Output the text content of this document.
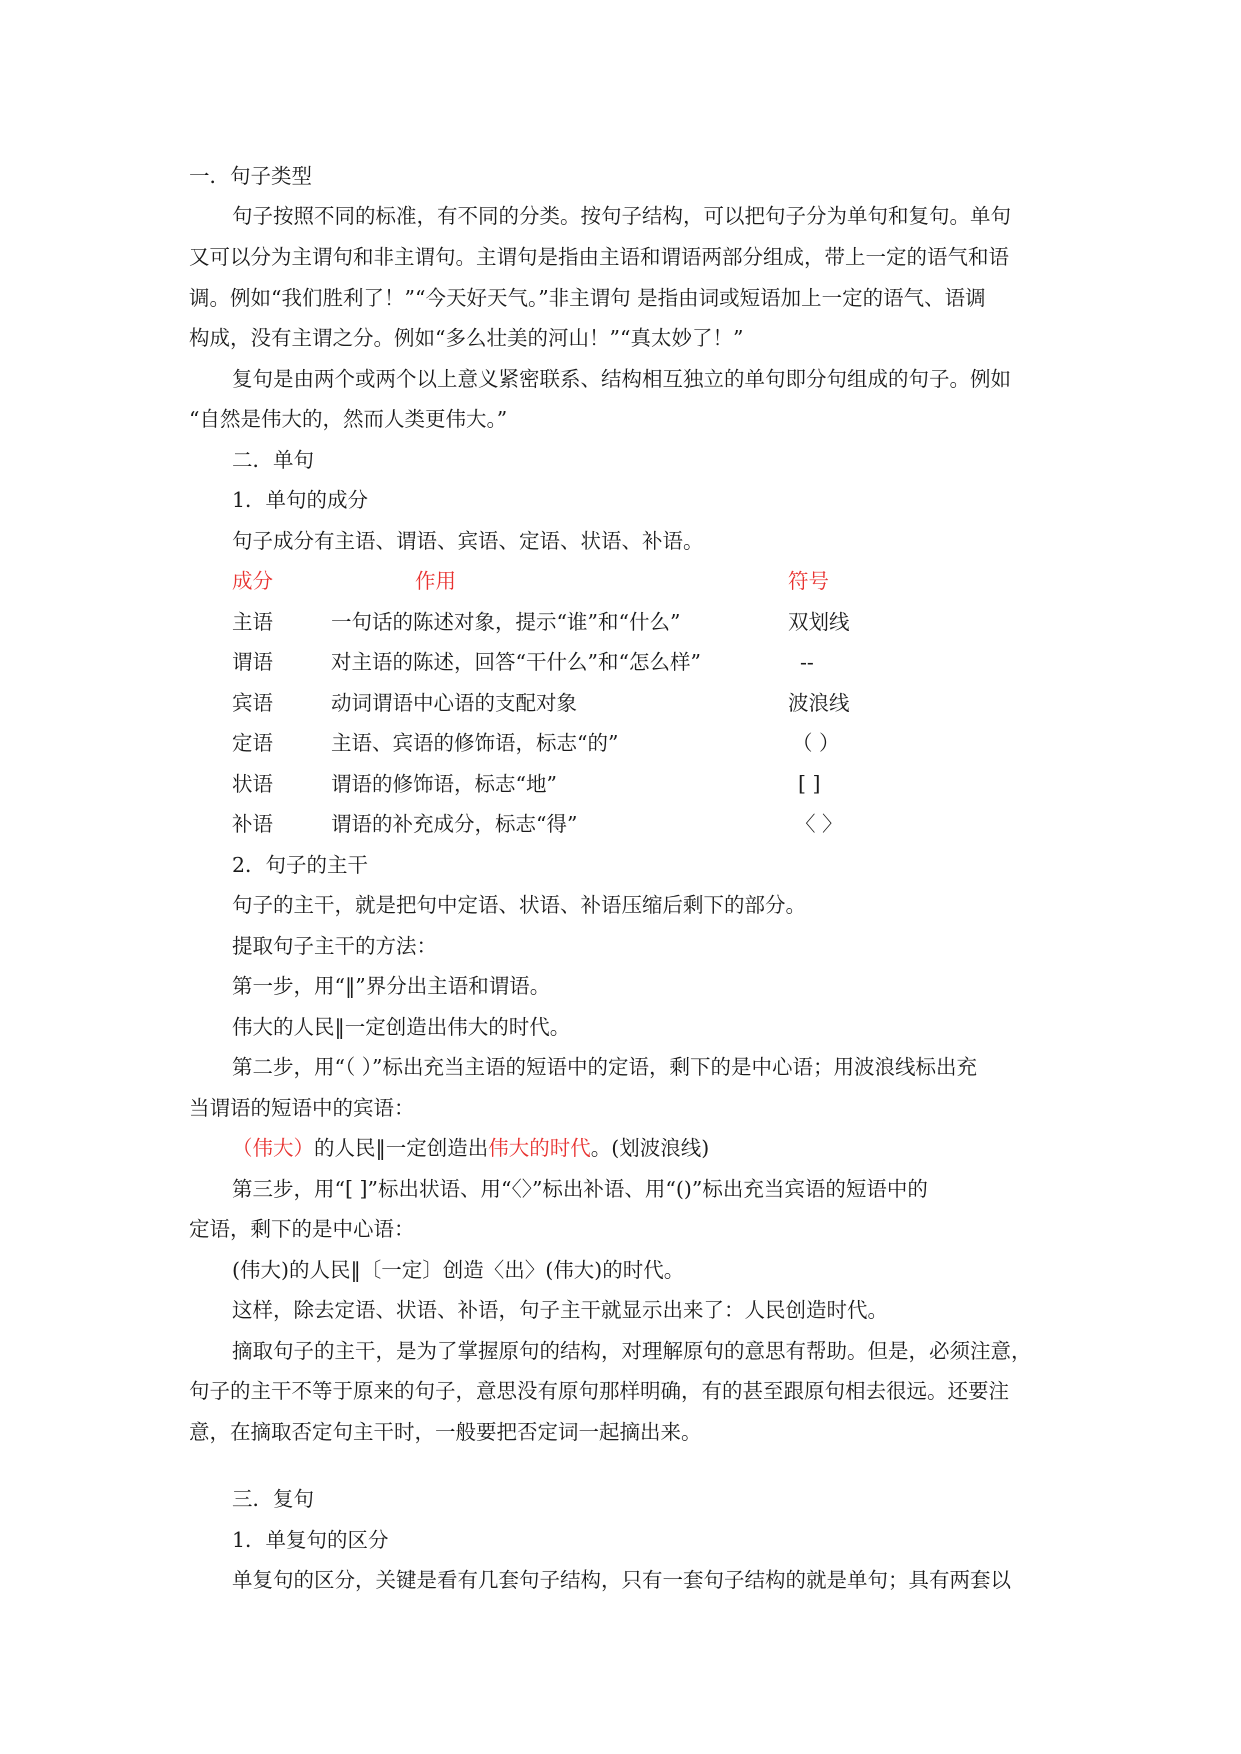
一．句子类型
句子按照不同的标准，有不同的分类。按句子结构，可以把句子分为单句和复句。单句
又可以分为主谓句和非主谓句。主谓句是指由主语和谓语两部分组成，带上一定的语气和语
调。例如“我们胜利了！”“今天好天气。”非主谓句 是指由词或短语加上一定的语气、语调
构成，没有主谓之分。例如“多么壮美的河山！”“真太妙了！”
复句是由两个或两个以上意义紧密联系、结构相互独立的单句即分句组成的句子。例如
“自然是伟大的，然而人类更伟大。”
二．单句
1．单句的成分
句子成分有主语、谓语、宾语、定语、状语、补语。
成分	作用	符号
主语	一句话的陈述对象，提示“谁”和“什么”	双划线
谓语	对主语的陈述，回答“干什么”和“怎么样”	--
宾语	动词谓语中心语的支配对象	波浪线
定语	主语、宾语的修饰语，标志“的”	（ ）
状语	谓语的修饰语，标志“地”	[ ]
补语	谓语的补充成分，标志“得”	〈 〉
2．句子的主干
句子的主干，就是把句中定语、状语、补语压缩后剩下的部分。
提取句子主干的方法：
第一步，用“‖”界分出主语和谓语。
伟大的人民‖一定创造出伟大的时代。
第二步，用“（ ）”标出充当主语的短语中的定语，剩下的是中心语；用波浪线标出充
当谓语的短语中的宾语：
（伟大）的人民‖一定创造出伟大的时代。(划波浪线)
第三步，用“[ ]”标出状语、用“〈〉”标出补语、用“()”标出充当宾语的短语中的
定语，剩下的是中心语：
(伟大)的人民‖〔一定〕创造〈出〉(伟大)的时代。
这样，除去定语、状语、补语，句子主干就显示出来了：人民创造时代。
摘取句子的主干，是为了掌握原句的结构，对理解原句的意思有帮助。但是，必须注意，
句子的主干不等于原来的句子，意思没有原句那样明确，有的甚至跟原句相去很远。还要注
意，在摘取否定句主干时，一般要把否定词一起摘出来。
三．复句
1．单复句的区分
单复句的区分，关键是看有几套句子结构，只有一套句子结构的就是单句；具有两套以
